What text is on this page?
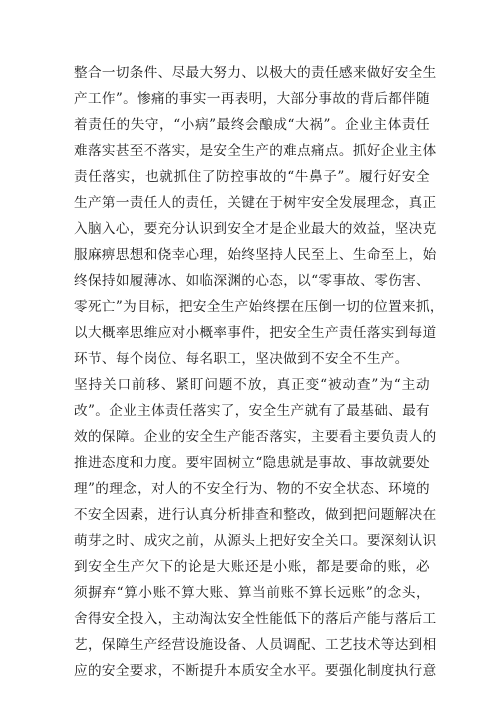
整合一切条件、尽最大努力、以极大的责任感来做好安全生
产工作”。惨痛的事实一再表明，大部分事故的背后都伴随
着责任的失守，“小病”最终会酿成“大祸”。企业主体责任
难落实甚至不落实，是安全生产的难点痛点。抓好企业主体
责任落实，也就抓住了防控事故的“牛鼻子”。履行好安全
生产第一责任人的责任，关键在于树牢安全发展理念，真正
入脑入心，要充分认识到安全才是企业最大的效益，坚决克
服麻痹思想和侥幸心理，始终坚持人民至上、生命至上，始
终保持如履薄冰、如临深渊的心态，以“零事故、零伤害、
零死亡”为目标，把安全生产始终摆在压倒一切的位置来抓，
以大概率思维应对小概率事件，把安全生产责任落实到每道
环节、每个岗位、每名职工，坚决做到不安全不生产。
坚持关口前移、紧盯问题不放，真正变“被动查”为“主动
改”。企业主体责任落实了，安全生产就有了最基础、最有
效的保障。企业的安全生产能否落实，主要看主要负责人的
推进态度和力度。要牢固树立“隐患就是事故、事故就要处
理”的理念，对人的不安全行为、物的不安全状态、环境的
不安全因素，进行认真分析排查和整改，做到把问题解决在
萌芽之时、成灾之前，从源头上把好安全关口。要深刻认识
到安全生产欠下的论是大账还是小账，都是要命的账，必
须摒弃“算小账不算大账、算当前账不算长远账”的念头，
舍得安全投入，主动淘汰安全性能低下的落后产能与落后工
艺，保障生产经营设施设备、人员调配、工艺技术等达到相
应的安全要求，不断提升本质安全水平。要强化制度执行意
